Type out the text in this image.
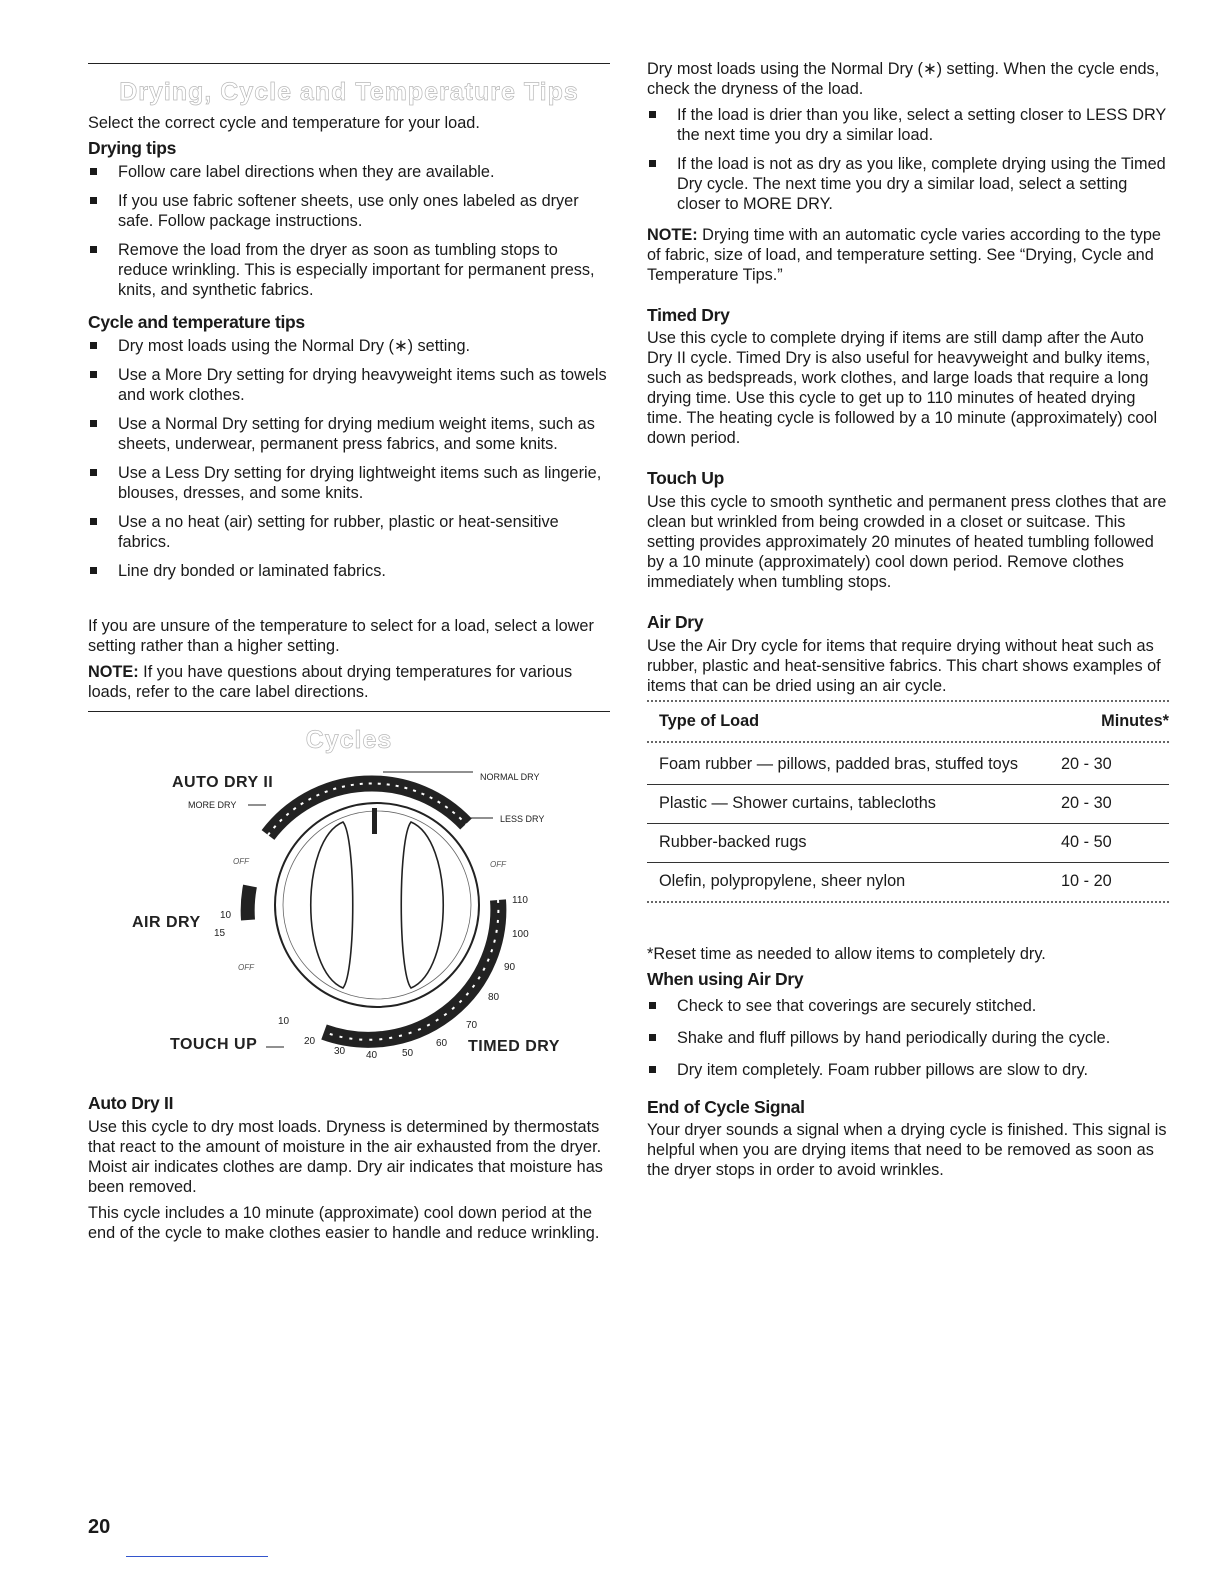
Drying, Cycle and Temperature Tips

Select the correct cycle and temperature for your load.

Drying tips
Follow care label directions when they are available.
If you use fabric softener sheets, use only ones labeled as dryer safe. Follow package instructions.
Remove the load from the dryer as soon as tumbling stops to reduce wrinkling. This is especially important for permanent press, knits, and synthetic fabrics.
Cycle and temperature tips
Dry most loads using the Normal Dry (∗) setting.
Use a More Dry setting for drying heavyweight items such as towels and work clothes.
Use a Normal Dry setting for drying medium weight items, such as sheets, underwear, permanent press fabrics, and some knits.
Use a Less Dry setting for drying lightweight items such as lingerie, blouses, dresses, and some knits.
Use a no heat (air) setting for rubber, plastic or heat-sensitive fabrics.
Line dry bonded or laminated fabrics.

If you are unsure of the temperature to select for a load, select a lower setting rather than a higher setting.

NOTE: If you have questions about drying temperatures for various loads, refer to the care label directions.

Cycles
AUTO DRY II	NORMAL DRY
MORE DRY
LESS DRY
OFF	OFF
AIR DRY 10
15
OFF
110
100
90
80
70
60
50
40
30
20
10
TOUCH UP	TIMED DRY
Auto Dry II

Use this cycle to dry most loads. Dryness is determined by thermostats that react to the amount of moisture in the air exhausted from the dryer. Moist air indicates clothes are damp. Dry air indicates that moisture has been removed.

This cycle includes a 10 minute (approximate) cool down period at the end of the cycle to make clothes easier to handle and reduce wrinkling.

20

Dry most loads using the Normal Dry (∗) setting. When the cycle ends, check the dryness of the load.

If the load is drier than you like, select a setting closer to LESS DRY the next time you dry a similar load.
If the load is not as dry as you like, complete drying using the Timed Dry cycle. The next time you dry a similar load, select a setting closer to MORE DRY.

NOTE: Drying time with an automatic cycle varies according to the type of fabric, size of load, and temperature setting. See “Drying, Cycle and Temperature Tips.”

Timed Dry

Use this cycle to complete drying if items are still damp after the Auto Dry II cycle. Timed Dry is also useful for heavyweight and bulky items, such as bedspreads, work clothes, and large loads that require a long drying time. Use this cycle to get up to 110 minutes of heated drying time. The heating cycle is followed by a 10 minute (approximately) cool down period.

Touch Up

Use this cycle to smooth synthetic and permanent press clothes that are clean but wrinkled from being crowded in a closet or suitcase. This setting provides approximately 20 minutes of heated tumbling followed by a 10 minute (approximately) cool down period. Remove clothes immediately when tumbling stops.

Air Dry

Use the Air Dry cycle for items that require drying without heat such as rubber, plastic and heat-sensitive fabrics. This chart shows examples of items that can be dried using an air cycle.

Type of Load	Minutes*

Foam rubber — pillows, padded bras, stuffed toys	20 - 30
Plastic — Shower curtains, tablecloths	20 - 30
Rubber-backed rugs	40 - 50
Olefin, polypropylene, sheer nylon	10 - 20

*Reset time as needed to allow items to completely dry.

When using Air Dry
Check to see that coverings are securely stitched.
Shake and fluff pillows by hand periodically during the cycle.
Dry item completely. Foam rubber pillows are slow to dry.
End of Cycle Signal

Your dryer sounds a signal when a drying cycle is finished. This signal is helpful when you are drying items that need to be removed as soon as the dryer stops in order to avoid wrinkles.
